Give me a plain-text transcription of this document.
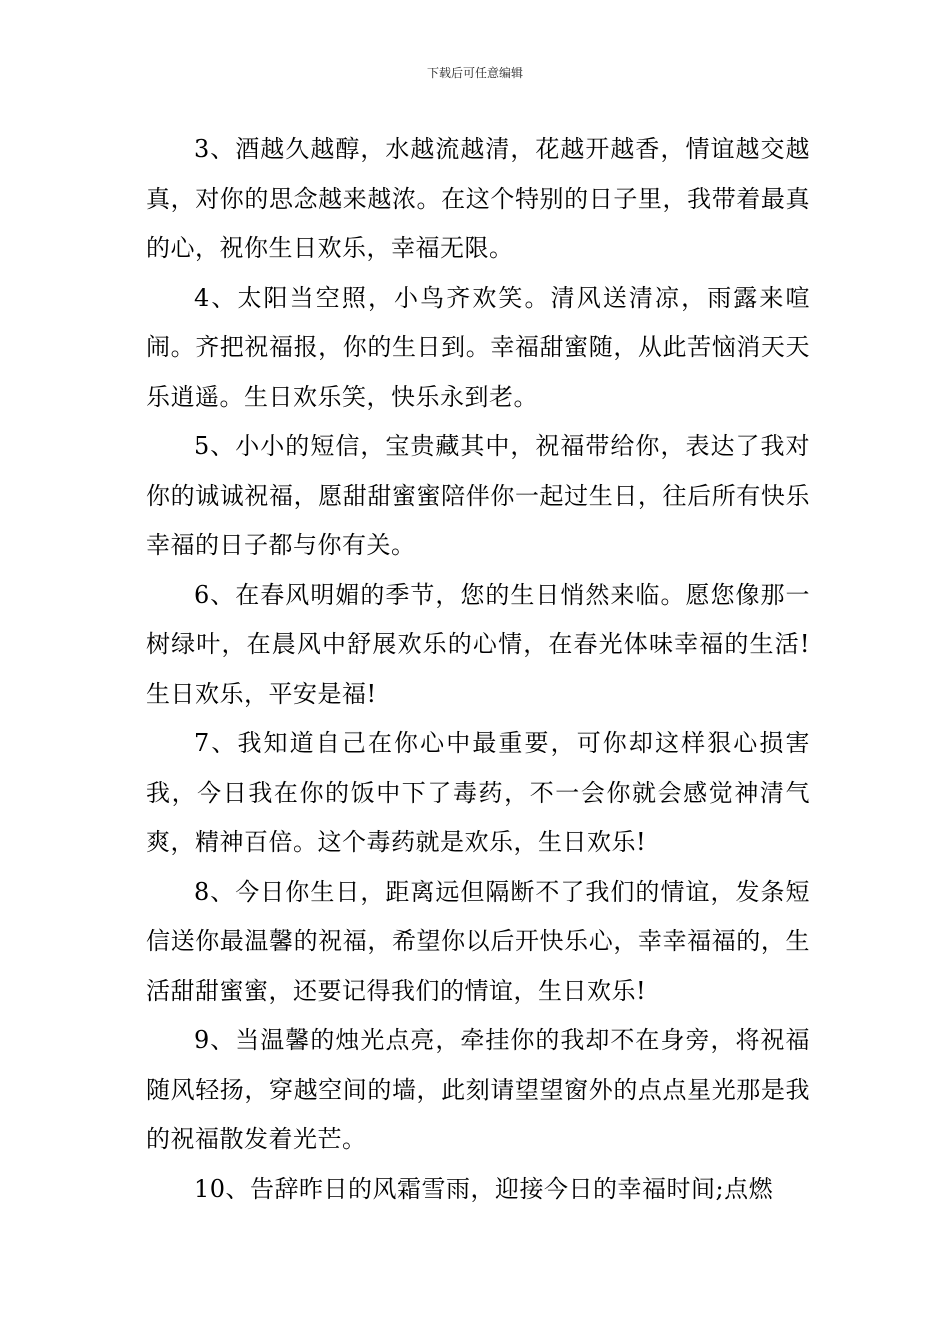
下载后可任意编辑

3、酒越久越醇，水越流越清，花越开越香，情谊越交越真，对你的思念越来越浓。在这个特别的日子里，我带着最真的心，祝你生日欢乐，幸福无限。

4、太阳当空照，小鸟齐欢笑。清风送清凉，雨露来喧闹。齐把祝福报，你的生日到。幸福甜蜜随，从此苦恼消天天乐逍遥。生日欢乐笑，快乐永到老。

5、小小的短信，宝贵藏其中，祝福带给你，表达了我对你的诚诚祝福，愿甜甜蜜蜜陪伴你一起过生日，往后所有快乐幸福的日子都与你有关。

6、在春风明媚的季节，您的生日悄然来临。愿您像那一树绿叶，在晨风中舒展欢乐的心情，在春光体味幸福的生活!生日欢乐，平安是福!

7、我知道自己在你心中最重要，可你却这样狠心损害我，今日我在你的饭中下了毒药，不一会你就会感觉神清气爽，精神百倍。这个毒药就是欢乐，生日欢乐!

8、今日你生日，距离远但隔断不了我们的情谊，发条短信送你最温馨的祝福，希望你以后开快乐心，幸幸福福的，生活甜甜蜜蜜，还要记得我们的情谊，生日欢乐!

9、当温馨的烛光点亮，牵挂你的我却不在身旁，将祝福随风轻扬，穿越空间的墙，此刻请望望窗外的点点星光那是我的祝福散发着光芒。

10、告辞昨日的风霜雪雨，迎接今日的幸福时间;点燃
